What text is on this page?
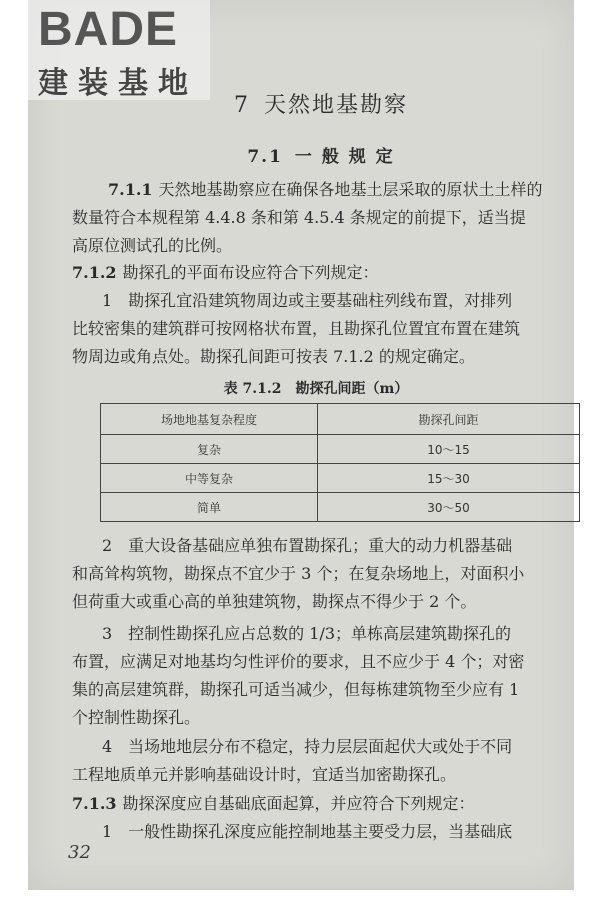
BADE
建装基地
7 天然地基勘察
7.1 一 般 规 定
7.1.1 天然地基勘察应在确保各地基土层采取的原状土土样的
数量符合本规程第 4.4.8 条和第 4.5.4 条规定的前提下，适当提
高原位测试孔的比例。
7.1.2 勘探孔的平面布设应符合下列规定：
1　勘探孔宜沿建筑物周边或主要基础柱列线布置，对排列
比较密集的建筑群可按网格状布置，且勘探孔位置宜布置在建筑
物周边或角点处。勘探孔间距可按表 7.1.2 的规定确定。
表 7.1.2　勘探孔间距（m）
场地地基复杂程度	勘探孔间距
复杂	10～15
中等复杂	15～30
简单	30～50
2　重大设备基础应单独布置勘探孔；重大的动力机器基础
和高耸构筑物，勘探点不宜少于 3 个；在复杂场地上，对面积小
但荷重大或重心高的单独建筑物，勘探点不得少于 2 个。
3　控制性勘探孔应占总数的 1/3；单栋高层建筑勘探孔的
布置，应满足对地基均匀性评价的要求，且不应少于 4 个；对密
集的高层建筑群，勘探孔可适当减少，但每栋建筑物至少应有 1
个控制性勘探孔。
4　当场地地层分布不稳定，持力层层面起伏大或处于不同
工程地质单元并影响基础设计时，宜适当加密勘探孔。
7.1.3 勘探深度应自基础底面起算，并应符合下列规定：
1　一般性勘探孔深度应能控制地基主要受力层，当基础底
32
